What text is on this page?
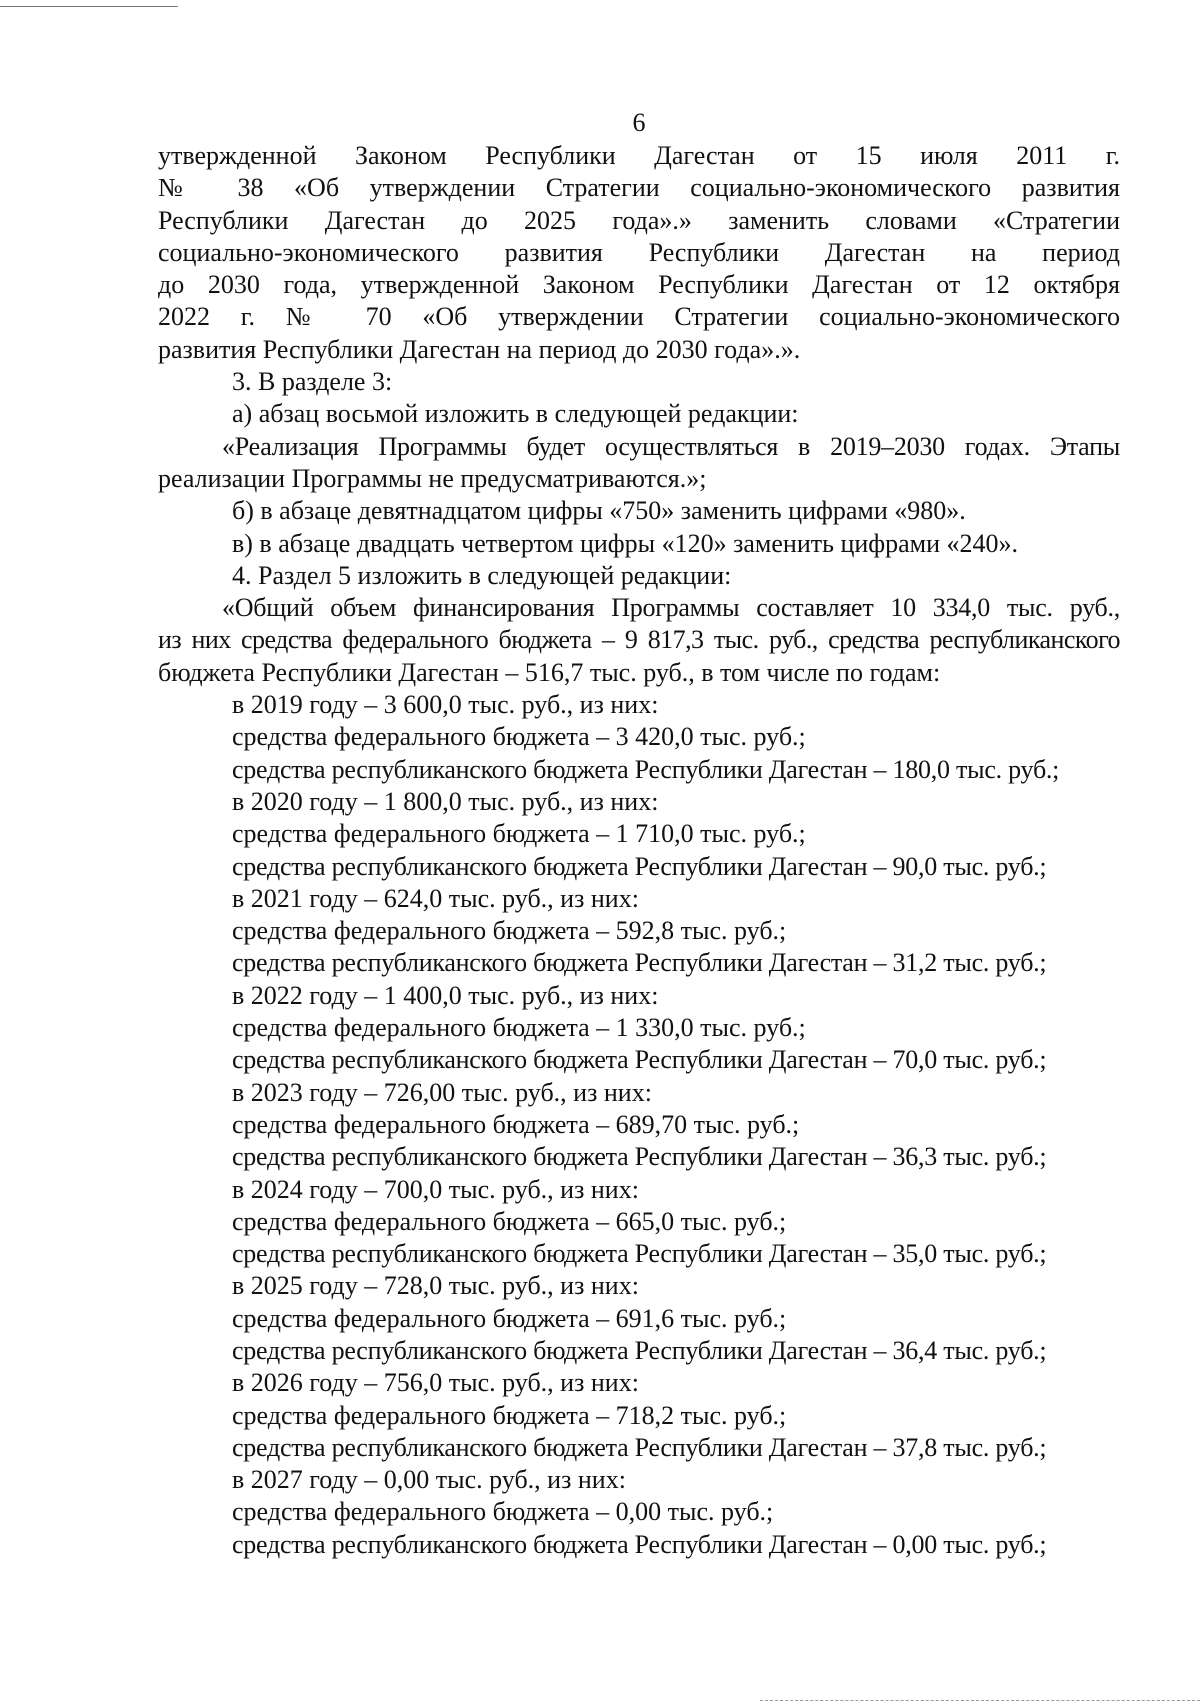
6
утвержденной Законом Республики Дагестан от 15 июля 2011 г.
№ 38 «Об утверждении Стратегии социально-экономического развития
Республики Дагестан до 2025 года».» заменить словами «Стратегии
социально-экономического развития Республики Дагестан на период
до 2030 года, утвержденной Законом Республики Дагестан от 12 октября
2022 г. № 70 «Об утверждении Стратегии социально-экономического
развития Республики Дагестан на период до 2030 года».».
3. В разделе 3:
а) абзац восьмой изложить в следующей редакции:
«Реализация Программы будет осуществляться в 2019–2030 годах. Этапы
реализации Программы не предусматриваются.»;
б) в абзаце девятнадцатом цифры «750» заменить цифрами «980».
в) в абзаце двадцать четвертом цифры «120» заменить цифрами «240».
4. Раздел 5 изложить в следующей редакции:
«Общий объем финансирования Программы составляет 10 334,0 тыс. руб.,
из них средства федерального бюджета – 9 817,3 тыс. руб., средства республиканского
бюджета Республики Дагестан – 516,7 тыс. руб., в том числе по годам:
в 2019 году – 3 600,0 тыс. руб., из них:
средства федерального бюджета – 3 420,0 тыс. руб.;
средства республиканского бюджета Республики Дагестан – 180,0 тыс. руб.;
в 2020 году – 1 800,0 тыс. руб., из них:
средства федерального бюджета – 1 710,0 тыс. руб.;
средства республиканского бюджета Республики Дагестан – 90,0 тыс. руб.;
в 2021 году – 624,0 тыс. руб., из них:
средства федерального бюджета – 592,8 тыс. руб.;
средства республиканского бюджета Республики Дагестан – 31,2 тыс. руб.;
в 2022 году – 1 400,0 тыс. руб., из них:
средства федерального бюджета – 1 330,0 тыс. руб.;
средства республиканского бюджета Республики Дагестан – 70,0 тыс. руб.;
в 2023 году – 726,00 тыс. руб., из них:
средства федерального бюджета – 689,70 тыс. руб.;
средства республиканского бюджета Республики Дагестан – 36,3 тыс. руб.;
в 2024 году – 700,0 тыс. руб., из них:
средства федерального бюджета – 665,0 тыс. руб.;
средства республиканского бюджета Республики Дагестан – 35,0 тыс. руб.;
в 2025 году – 728,0 тыс. руб., из них:
средства федерального бюджета – 691,6 тыс. руб.;
средства республиканского бюджета Республики Дагестан – 36,4 тыс. руб.;
в 2026 году – 756,0 тыс. руб., из них:
средства федерального бюджета – 718,2 тыс. руб.;
средства республиканского бюджета Республики Дагестан – 37,8 тыс. руб.;
в 2027 году – 0,00 тыс. руб., из них:
средства федерального бюджета – 0,00 тыс. руб.;
средства республиканского бюджета Республики Дагестан – 0,00 тыс. руб.;
